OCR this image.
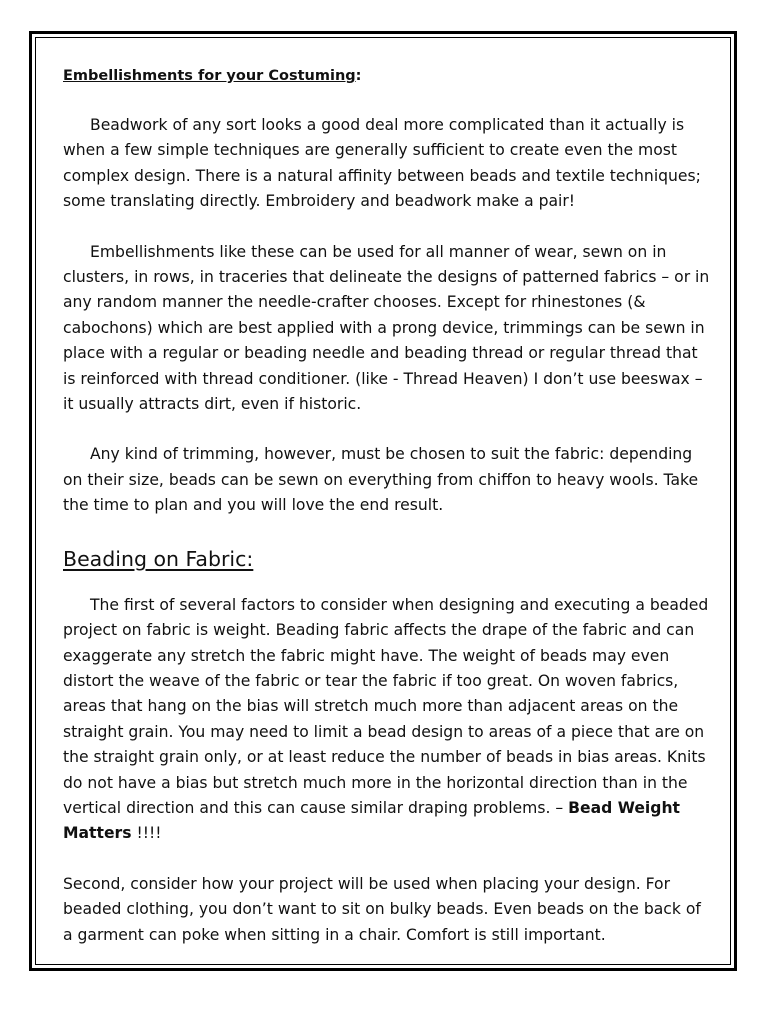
Embellishments for your Costuming:

Beadwork of any sort looks a good deal more complicated than it actually is when a few simple techniques are generally sufficient to create even the most complex design. There is a natural affinity between beads and textile techniques; some translating directly. Embroidery and beadwork make a pair!

Embellishments like these can be used for all manner of wear, sewn on in clusters, in rows, in traceries that delineate the designs of patterned fabrics – or in any random manner the needle-crafter chooses. Except for rhinestones (& cabochons) which are best applied with a prong device, trimmings can be sewn in place with a regular or beading needle and beading thread or regular thread that is reinforced with thread conditioner. (like - Thread Heaven) I don’t use beeswax – it usually attracts dirt, even if historic.

Any kind of trimming, however, must be chosen to suit the fabric: depending on their size, beads can be sewn on everything from chiffon to heavy wools. Take the time to plan and you will love the end result.

Beading on Fabric:

The first of several factors to consider when designing and executing a beaded project on fabric is weight. Beading fabric affects the drape of the fabric and can exaggerate any stretch the fabric might have. The weight of beads may even distort the weave of the fabric or tear the fabric if too great. On woven fabrics, areas that hang on the bias will stretch much more than adjacent areas on the straight grain. You may need to limit a bead design to areas of a piece that are on the straight grain only, or at least reduce the number of beads in bias areas. Knits do not have a bias but stretch much more in the horizontal direction than in the vertical direction and this can cause similar draping problems. – Bead Weight Matters !!!!

Second, consider how your project will be used when placing your design. For beaded clothing, you don’t want to sit on bulky beads. Even beads on the back of a garment can poke when sitting in a chair. Comfort is still important.
